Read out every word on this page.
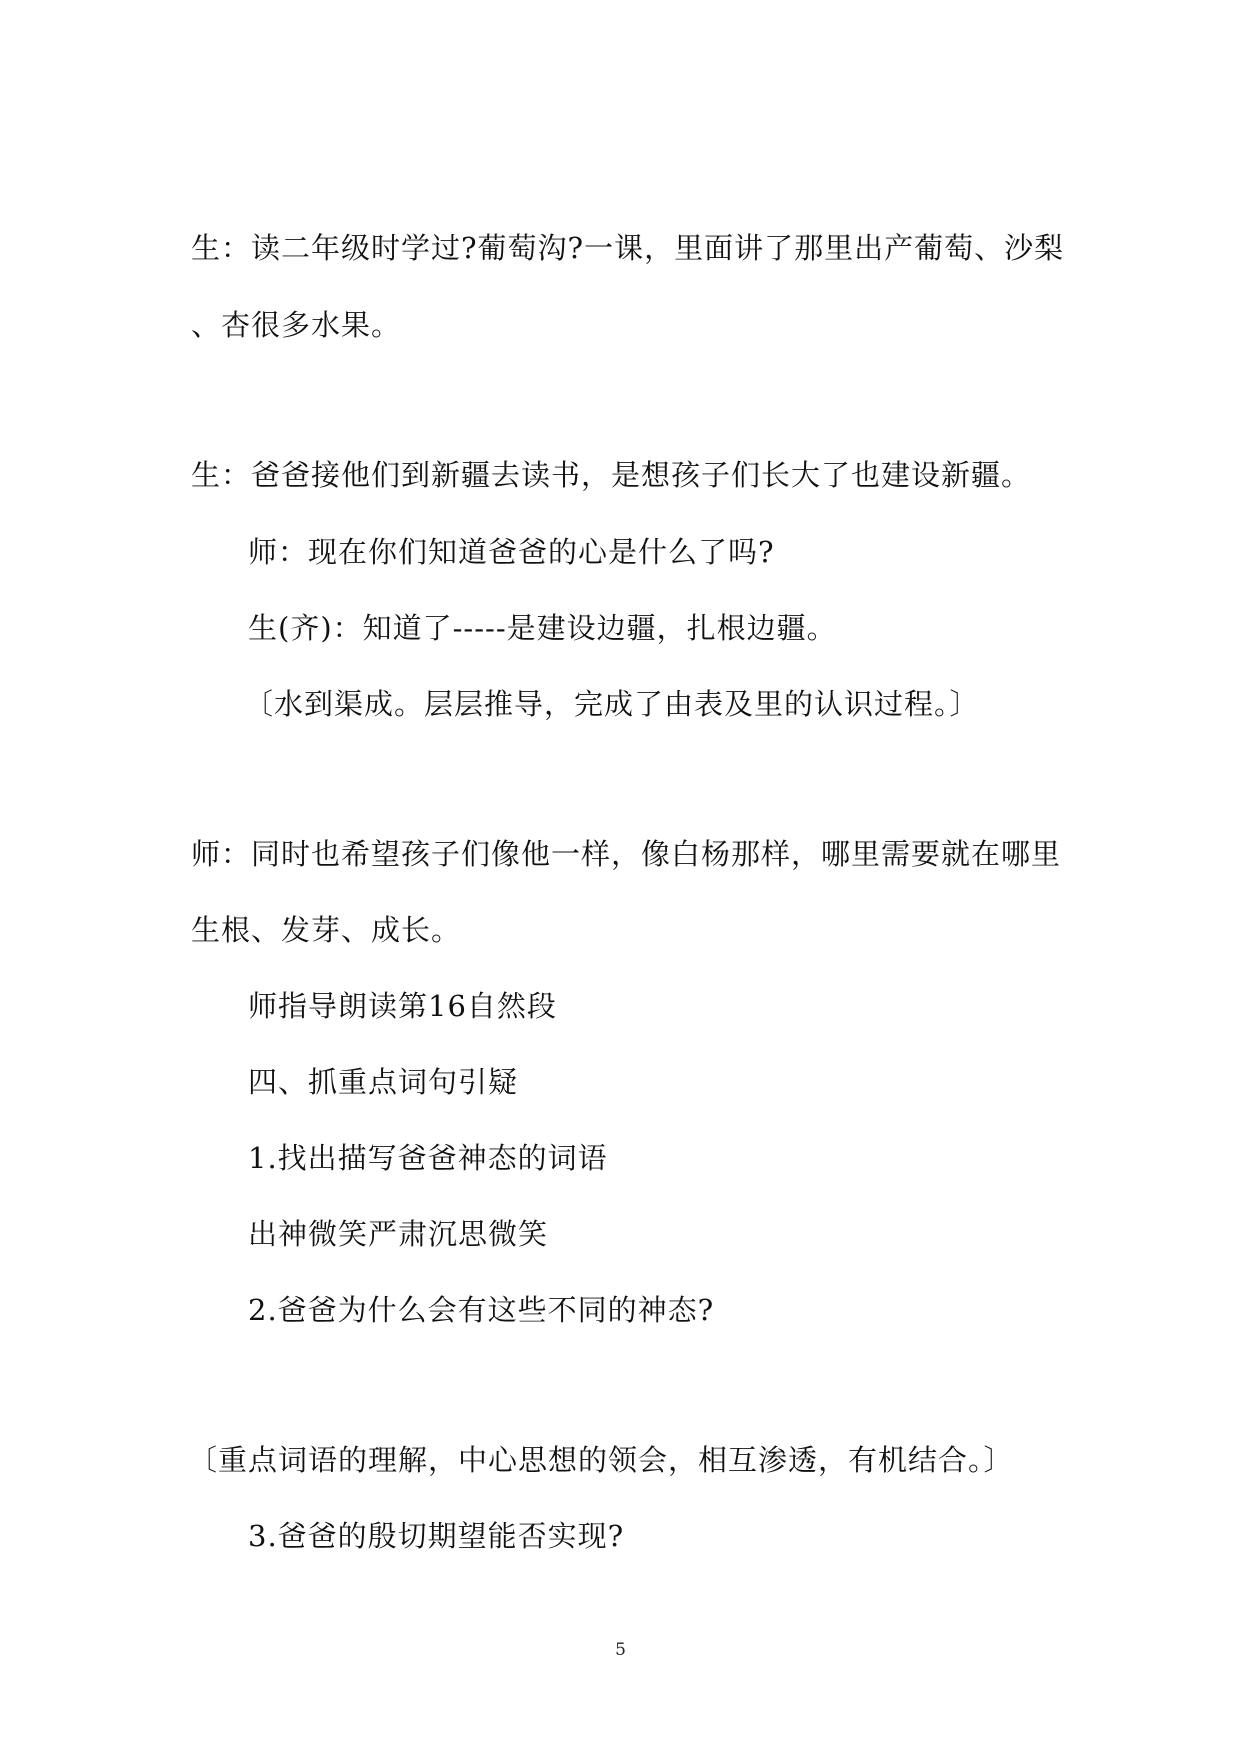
生：读二年级时学过?葡萄沟?一课，里面讲了那里出产葡萄、沙梨
、杏很多水果。
生：爸爸接他们到新疆去读书，是想孩子们长大了也建设新疆。
师：现在你们知道爸爸的心是什么了吗?
生(齐)：知道了-----是建设边疆，扎根边疆。
〔水到渠成。层层推导，完成了由表及里的认识过程。〕
师：同时也希望孩子们像他一样，像白杨那样，哪里需要就在哪里
生根、发芽、成长。
师指导朗读第16自然段
四、抓重点词句引疑
1.找出描写爸爸神态的词语
出神微笑严肃沉思微笑
2.爸爸为什么会有这些不同的神态?
〔重点词语的理解，中心思想的领会，相互渗透，有机结合。〕
3.爸爸的殷切期望能否实现?
5
